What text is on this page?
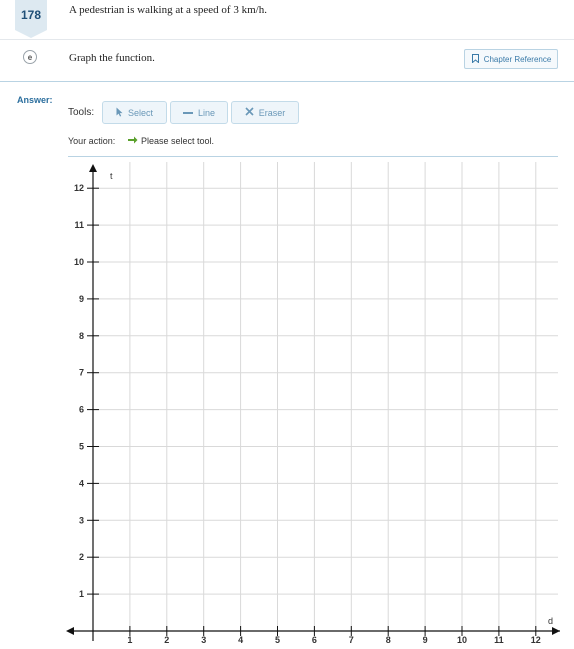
178	A pedestrian is walking at a speed of 3 km/h.
e	Graph the function.	Chapter Reference
Answer:
Tools:	Select	Line	Eraser
Your action:	Please select tool.
1
2
3
4
5
6
7
8
9
10
11
12
1	2	3	4	5	6	7	8	9	10	11	12
t
d
